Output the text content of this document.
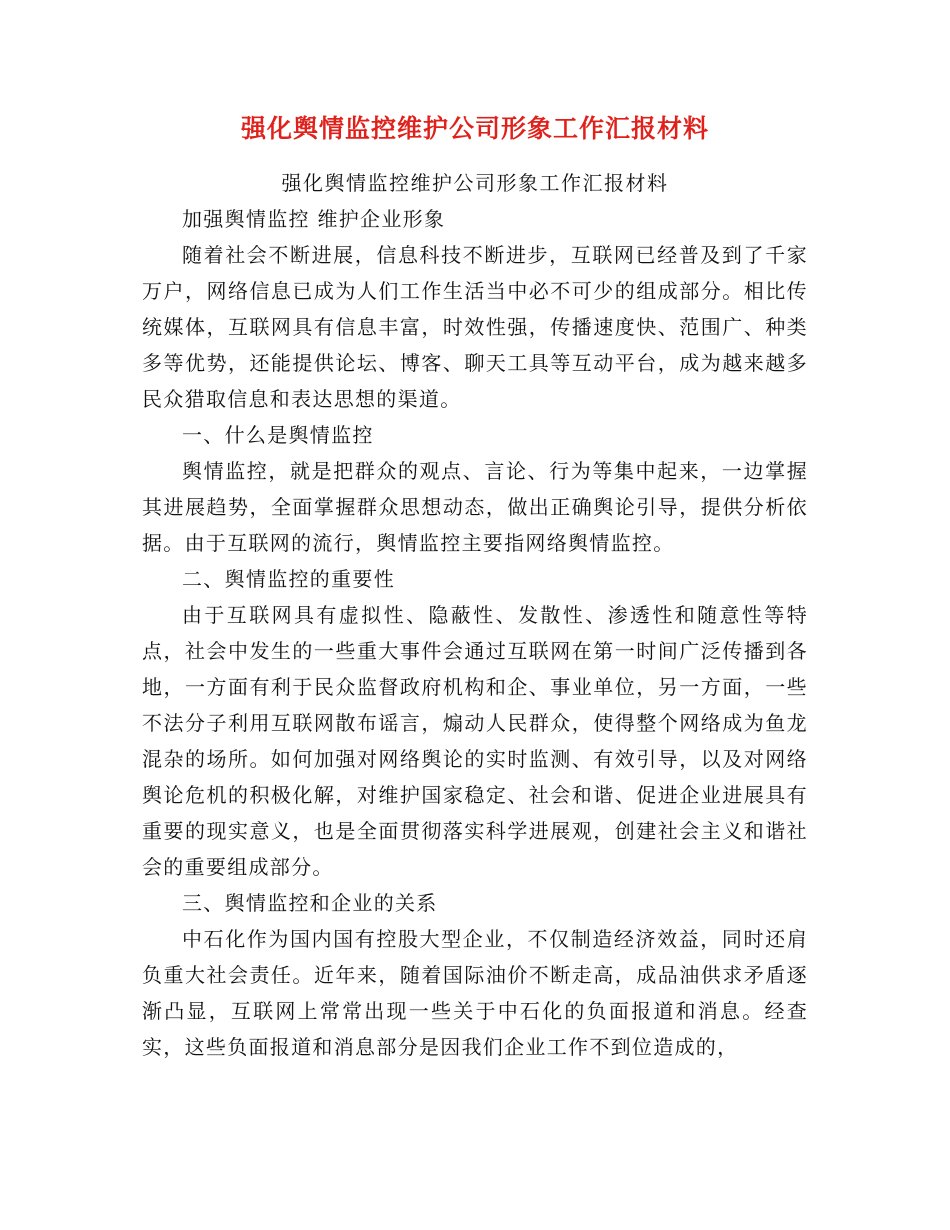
强化舆情监控维护公司形象工作汇报材料
强化舆情监控维护公司形象工作汇报材料

加强舆情监控 维护企业形象

随着社会不断进展，信息科技不断进步，互联网已经普及到了千家万户，网络信息已成为人们工作生活当中必不可少的组成部分。相比传统媒体，互联网具有信息丰富，时效性强，传播速度快、范围广、种类多等优势，还能提供论坛、博客、聊天工具等互动平台，成为越来越多民众猎取信息和表达思想的渠道。

一、什么是舆情监控

舆情监控，就是把群众的观点、言论、行为等集中起来，一边掌握其进展趋势，全面掌握群众思想动态，做出正确舆论引导，提供分析依据。由于互联网的流行，舆情监控主要指网络舆情监控。

二、舆情监控的重要性

由于互联网具有虚拟性、隐蔽性、发散性、渗透性和随意性等特点，社会中发生的一些重大事件会通过互联网在第一时间广泛传播到各地，一方面有利于民众监督政府机构和企、事业单位，另一方面，一些不法分子利用互联网散布谣言，煽动人民群众，使得整个网络成为鱼龙混杂的场所。如何加强对网络舆论的实时监测、有效引导，以及对网络舆论危机的积极化解，对维护国家稳定、社会和谐、促进企业进展具有重要的现实意义，也是全面贯彻落实科学进展观，创建社会主义和谐社会的重要组成部分。

三、舆情监控和企业的关系

中石化作为国内国有控股大型企业，不仅制造经济效益，同时还肩负重大社会责任。近年来，随着国际油价不断走高，成品油供求矛盾逐渐凸显，互联网上常常出现一些关于中石化的负面报道和消息。经查实，这些负面报道和消息部分是因我们企业工作不到位造成的，
